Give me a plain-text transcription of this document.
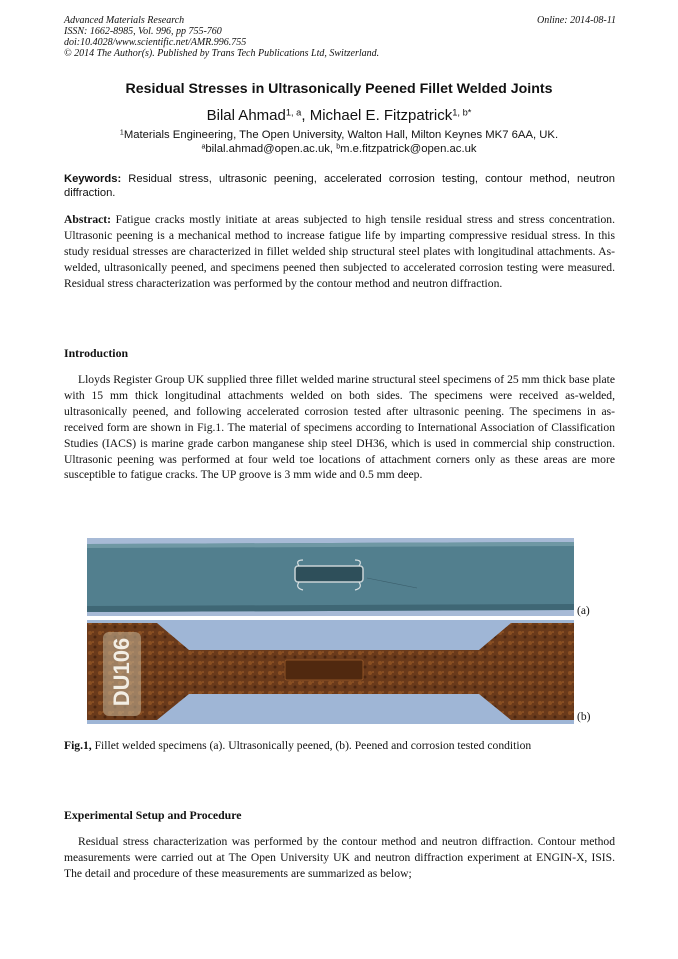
Advanced Materials Research
ISSN: 1662-8985, Vol. 996, pp 755-760
doi:10.4028/www.scientific.net/AMR.996.755
© 2014 The Author(s). Published by Trans Tech Publications Ltd, Switzerland.
Online: 2014-08-11
Residual Stresses in Ultrasonically Peened Fillet Welded Joints
Bilal Ahmad$^{1, a}$, Michael E. Fitzpatrick$^{1, b*}$
$^1$Materials Engineering, The Open University, Walton Hall, Milton Keynes MK7 6AA, UK.
$^a$bilal.ahmad@open.ac.uk, $^b$m.e.fitzpatrick@open.ac.uk
Keywords: Residual stress, ultrasonic peening, accelerated corrosion testing, contour method, neutron diffraction.
Abstract: Fatigue cracks mostly initiate at areas subjected to high tensile residual stress and stress concentration. Ultrasonic peening is a mechanical method to increase fatigue life by imparting compressive residual stress. In this study residual stresses are characterized in fillet welded ship structural steel plates with longitudinal attachments. As-welded, ultrasonically peened, and specimens peened then subjected to accelerated corrosion testing were measured. Residual stress characterization was performed by the contour method and neutron diffraction.
Introduction
Lloyds Register Group UK supplied three fillet welded marine structural steel specimens of 25 mm thick base plate with 15 mm thick longitudinal attachments welded on both sides. The specimens were received as-welded, ultrasonically peened, and following accelerated corrosion tested after ultrasonic peening. The specimens in as-received form are shown in Fig.1. The material of specimens according to International Association of Classification Studies (IACS) is marine grade carbon manganese ship steel DH36, which is used in commercial ship construction. Ultrasonic peening was performed at four weld toe locations of attachment corners only as these areas are more susceptible to fatigue cracks. The UP groove is 3 mm wide and 0.5 mm deep.
(a)
DU106
(b)
Fig.1, Fillet welded specimens (a). Ultrasonically peened, (b). Peened and corrosion tested condition
Experimental Setup and Procedure
Residual stress characterization was performed by the contour method and neutron diffraction. Contour method measurements were carried out at The Open University UK and neutron diffraction experiment at ENGIN-X, ISIS. The detail and procedure of these measurements are summarized as below;
